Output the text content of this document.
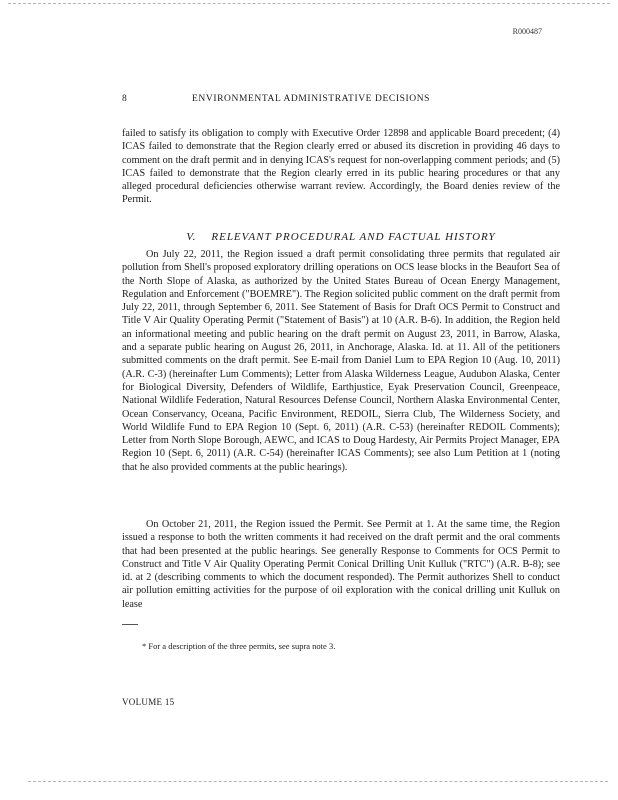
R000487
8	ENVIRONMENTAL ADMINISTRATIVE DECISIONS
failed to satisfy its obligation to comply with Executive Order 12898 and applicable Board precedent; (4) ICAS failed to demonstrate that the Region clearly erred or abused its discretion in providing 46 days to comment on the draft permit and in denying ICAS's request for non-overlapping comment periods; and (5) ICAS failed to demonstrate that the Region clearly erred in its public hearing procedures or that any alleged procedural deficiencies otherwise warrant review. Accordingly, the Board denies review of the Permit.
V. RELEVANT PROCEDURAL AND FACTUAL HISTORY
On July 22, 2011, the Region issued a draft permit consolidating three permits that regulated air pollution from Shell's proposed exploratory drilling operations on OCS lease blocks in the Beaufort Sea of the North Slope of Alaska, as authorized by the United States Bureau of Ocean Energy Management, Regulation and Enforcement ("BOEMRE"). The Region solicited public comment on the draft permit from July 22, 2011, through September 6, 2011. See Statement of Basis for Draft OCS Permit to Construct and Title V Air Quality Operating Permit ("Statement of Basis") at 10 (A.R. B-6). In addition, the Region held an informational meeting and public hearing on the draft permit on August 23, 2011, in Barrow, Alaska, and a separate public hearing on August 26, 2011, in Anchorage, Alaska. Id. at 11. All of the petitioners submitted comments on the draft permit. See E-mail from Daniel Lum to EPA Region 10 (Aug. 10, 2011) (A.R. C-3) (hereinafter Lum Comments); Letter from Alaska Wilderness League, Audubon Alaska, Center for Biological Diversity, Defenders of Wildlife, Earthjustice, Eyak Preservation Council, Greenpeace, National Wildlife Federation, Natural Resources Defense Council, Northern Alaska Environmental Center, Ocean Conservancy, Oceana, Pacific Environment, REDOIL, Sierra Club, The Wilderness Society, and World Wildlife Fund to EPA Region 10 (Sept. 6, 2011) (A.R. C-53) (hereinafter REDOIL Comments); Letter from North Slope Borough, AEWC, and ICAS to Doug Hardesty, Air Permits Project Manager, EPA Region 10 (Sept. 6, 2011) (A.R. C-54) (hereinafter ICAS Comments); see also Lum Petition at 1 (noting that he also provided comments at the public hearings).
On October 21, 2011, the Region issued the Permit. See Permit at 1. At the same time, the Region issued a response to both the written comments it had received on the draft permit and the oral comments that had been presented at the public hearings. See generally Response to Comments for OCS Permit to Construct and Title V Air Quality Operating Permit Conical Drilling Unit Kulluk ("RTC") (A.R. B-8); see id. at 2 (describing comments to which the document responded). The Permit authorizes Shell to conduct air pollution emitting activities for the purpose of oil exploration with the conical drilling unit Kulluk on lease
* For a description of the three permits, see supra note 3.
VOLUME 15
